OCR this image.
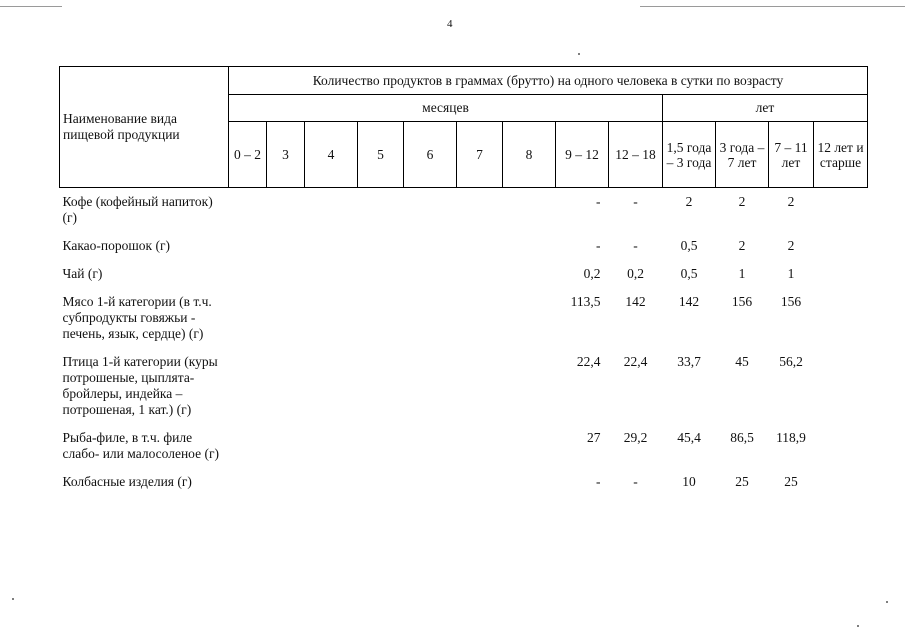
4
Наименование вида пищевой продукции	Количество продуктов в граммах (брутто) на одного человека в сутки по возрасту												
	месяцев									лет			
	0 – 2	3	4	5	6	7	8	9 – 12	12 – 18	1,5 года – 3 года	3 года – 7 лет	7 – 11 лет	12 лет и старше
Кофе (кофейный напиток) (г)								-	-	2	2	2	
Какао-порошок (г)								-	-	0,5	2	2	
Чай (г)								0,2	0,2	0,5	1	1	
Мясо 1-й категории (в т.ч. субпродукты говяжьи - печень, язык, сердце) (г)								113,5	142	142	156	156	
Птица 1-й категории (куры потрошеные, цыплята-бройлеры, индейка – потрошеная, 1 кат.) (г)								22,4	22,4	33,7	45	56,2	
Рыба-филе, в т.ч. филе слабо- или малосоленое (г)								27	29,2	45,4	86,5	118,9	
Колбасные изделия (г)								-	-	10	25	25	
